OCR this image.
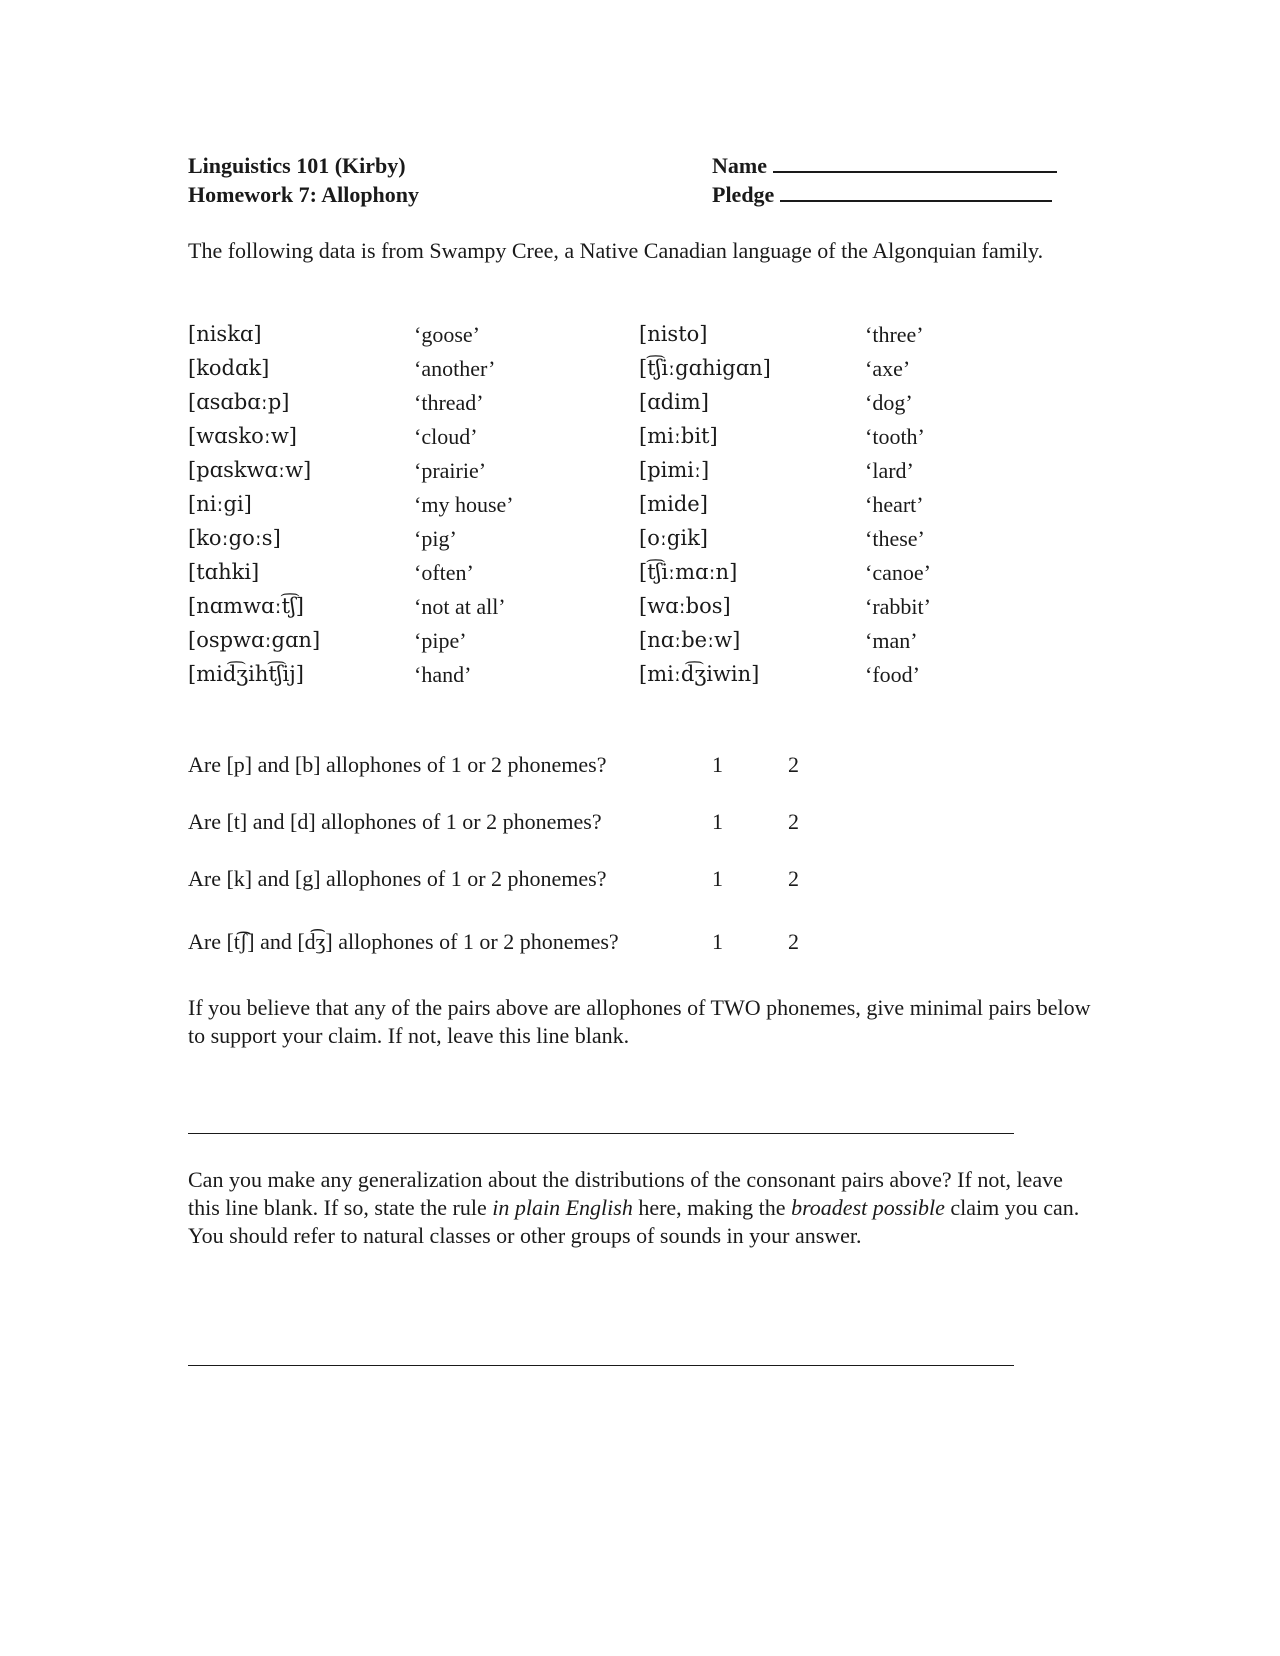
Linguistics 101 (Kirby)
Homework 7: Allophony
Name
Pledge
The following data is from Swampy Cree, a Native Canadian language of the Algonquian family.
[niskɑ]	‘goose’	[nisto]	‘three’
[kodɑk]	‘another’	[t͡ʃiːgɑhigɑn]	‘axe’
[ɑsɑbɑːp]	‘thread’	[ɑdim]	‘dog’
[wɑskoːw]	‘cloud’	[miːbit]	‘tooth’
[pɑskwɑːw]	‘prairie’	[pimiː]	‘lard’
[niːgi]	‘my house’	[mide]	‘heart’
[koːgoːs]	‘pig’	[oːgik]	‘these’
[tɑhki]	‘often’	[t͡ʃiːmɑːn]	‘canoe’
[nɑmwɑːt͡ʃ]	‘not at all’	[wɑːbos]	‘rabbit’
[ospwɑːgɑn]	‘pipe’	[nɑːbeːw]	‘man’
[mid͡ʒiht͡ʃij]	‘hand’	[miːd͡ʒiwin]	‘food’
Are [p] and [b] allophones of 1 or 2 phonemes?	1	2
Are [t] and [d] allophones of 1 or 2 phonemes?	1	2
Are [k] and [g] allophones of 1 or 2 phonemes?	1	2
Are [t͡ʃ] and [d͡ʒ] allophones of 1 or 2 phonemes?	1	2
If you believe that any of the pairs above are allophones of TWO phonemes, give minimal pairs below to support your claim. If not, leave this line blank.
Can you make any generalization about the distributions of the consonant pairs above? If not, leave this line blank. If so, state the rule in plain English here, making the broadest possible claim you can. You should refer to natural classes or other groups of sounds in your answer.
